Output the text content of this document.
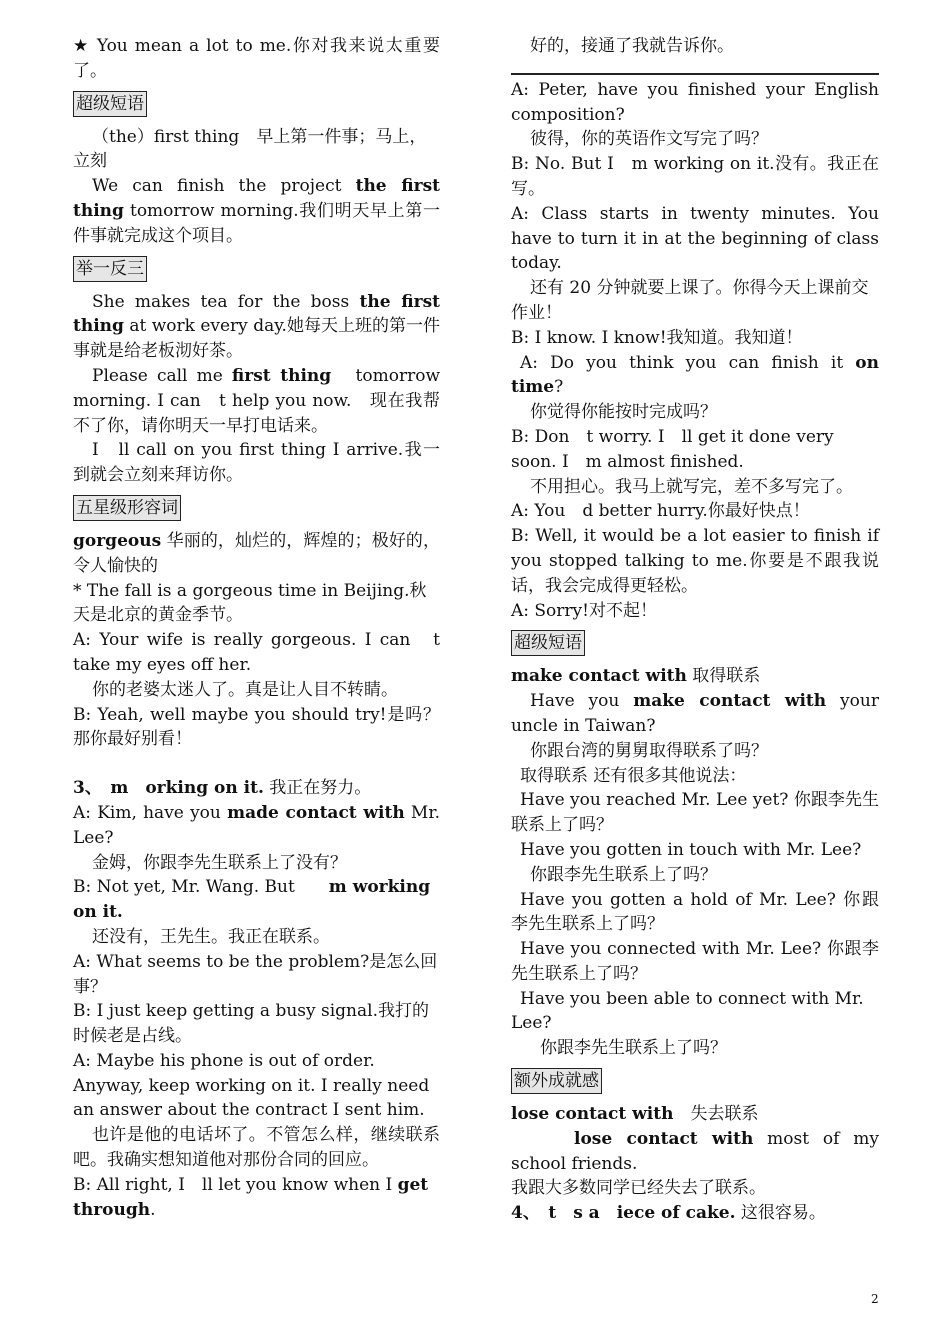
★ You mean a lot to me.你对我来说太重要了。

超级短语

（the）first thing　早上第一件事；马上，立刻

We can finish the project the first thing tomorrow morning.我们明天早上第一件事就完成这个项目。

举一反三

She makes tea for the boss the first thing at work every day.她每天上班的第一件事就是给老板沏好茶。

Please call me first thing　tomorrow morning. I can　t help you now.　现在我帮不了你，请你明天一早打电话来。

I　ll call on you first thing I arrive.我一到就会立刻来拜访你。

五星级形容词

gorgeous 华丽的，灿烂的，辉煌的；极好的，令人愉快的

* The fall is a gorgeous time in Beijing.秋天是北京的黄金季节。

A: Your wife is really gorgeous. I can　t take my eyes off her.

你的老婆太迷人了。真是让人目不转睛。

B: Yeah, well maybe you should try!是吗？那你最好别看！

3、　m　orking on it. 我正在努力。

A: Kim, have you made contact with Mr. Lee?

金姆，你跟李先生联系上了没有？

B: Not yet, Mr. Wang. But　　m working on it.

还没有，王先生。我正在联系。

A: What seems to be the problem?是怎么回事？

B: I just keep getting a busy signal.我打的时候老是占线。

A: Maybe his phone is out of order. Anyway, keep working on it. I really need an answer about the contract I sent him.

也许是他的电话坏了。不管怎么样，继续联系吧。我确实想知道他对那份合同的回应。

B: All right, I　ll let you know when I get through.

好的，接通了我就告诉你。

A: Peter, have you finished your English composition?

彼得，你的英语作文写完了吗？

B: No. But I　m working on it.没有。我正在写。

A: Class starts in twenty minutes. You have to turn it in at the beginning of class today.

还有 20 分钟就要上课了。你得今天上课前交作业！

B: I know. I know!我知道。我知道！

A: Do you think you can finish it on time?

你觉得你能按时完成吗？

B: Don　t worry. I　ll get it done very soon. I　m almost finished.

不用担心。我马上就写完，差不多写完了。

A: You　d better hurry.你最好快点！

B: Well, it would be a lot easier to finish if you stopped talking to me.你要是不跟我说话，我会完成得更轻松。

A: Sorry!对不起！

超级短语

make contact with 取得联系

Have you make contact with your uncle in Taiwan?

你跟台湾的舅舅取得联系了吗？

取得联系 还有很多其他说法：

Have you reached Mr. Lee yet? 你跟李先生联系上了吗？

Have you gotten in touch with Mr. Lee?

你跟李先生联系上了吗？

Have you gotten a hold of Mr. Lee? 你跟李先生联系上了吗？

Have you connected with Mr. Lee? 你跟李先生联系上了吗？

Have you been able to connect with Mr. Lee?

你跟李先生联系上了吗？

额外成就感

lose contact with　失去联系

lose contact with most of my school friends.

我跟大多数同学已经失去了联系。

4、　t　s a　iece of cake. 这很容易。

2
